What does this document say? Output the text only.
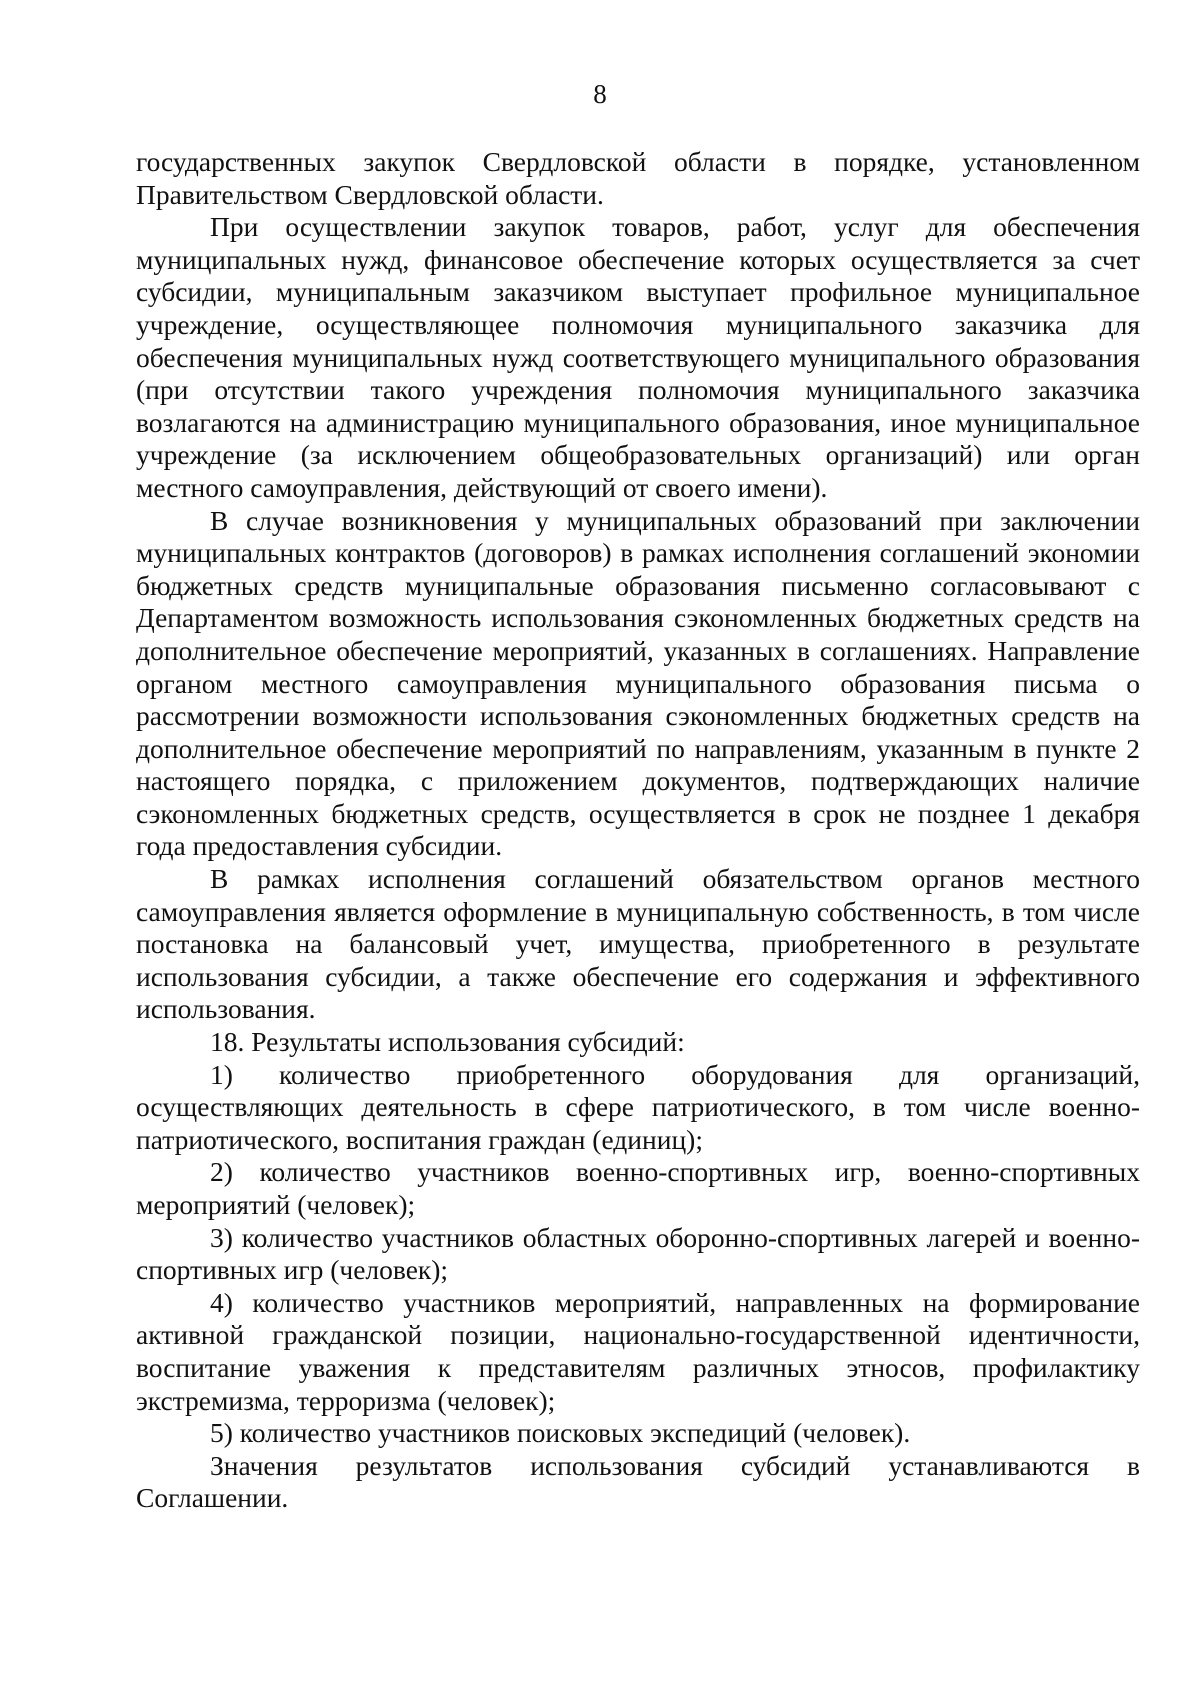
8

государственных закупок Свердловской области в порядке, установленном Правительством Свердловской области.

При осуществлении закупок товаров, работ, услуг для обеспечения муниципальных нужд, финансовое обеспечение которых осуществляется за счет субсидии, муниципальным заказчиком выступает профильное муниципальное учреждение, осуществляющее полномочия муниципального заказчика для обеспечения муниципальных нужд соответствующего муниципального образования (при отсутствии такого учреждения полномочия муниципального заказчика возлагаются на администрацию муниципального образования, иное муниципальное учреждение (за исключением общеобразовательных организаций) или орган местного самоуправления, действующий от своего имени).

В случае возникновения у муниципальных образований при заключении муниципальных контрактов (договоров) в рамках исполнения соглашений экономии бюджетных средств муниципальные образования письменно согласовывают с Департаментом возможность использования сэкономленных бюджетных средств на дополнительное обеспечение мероприятий, указанных в соглашениях. Направление органом местного самоуправления муниципального образования письма о рассмотрении возможности использования сэкономленных бюджетных средств на дополнительное обеспечение мероприятий по направлениям, указанным в пункте 2 настоящего порядка, с приложением документов, подтверждающих наличие сэкономленных бюджетных средств, осуществляется в срок не позднее 1 декабря года предоставления субсидии.

В рамках исполнения соглашений обязательством органов местного самоуправления является оформление в муниципальную собственность, в том числе постановка на балансовый учет, имущества, приобретенного в результате использования субсидии, а также обеспечение его содержания и эффективного использования.

18. Результаты использования субсидий:

1) количество приобретенного оборудования для организаций, осуществляющих деятельность в сфере патриотического, в том числе военно-патриотического, воспитания граждан (единиц);

2) количество участников военно-спортивных игр, военно-спортивных мероприятий (человек);

3) количество участников областных оборонно-спортивных лагерей и военно-спортивных игр (человек);

4) количество участников мероприятий, направленных на формирование активной гражданской позиции, национально-государственной идентичности, воспитание уважения к представителям различных этносов, профилактику экстремизма, терроризма (человек);

5) количество участников поисковых экспедиций (человек).

Значения результатов использования субсидий устанавливаются в Соглашении.
